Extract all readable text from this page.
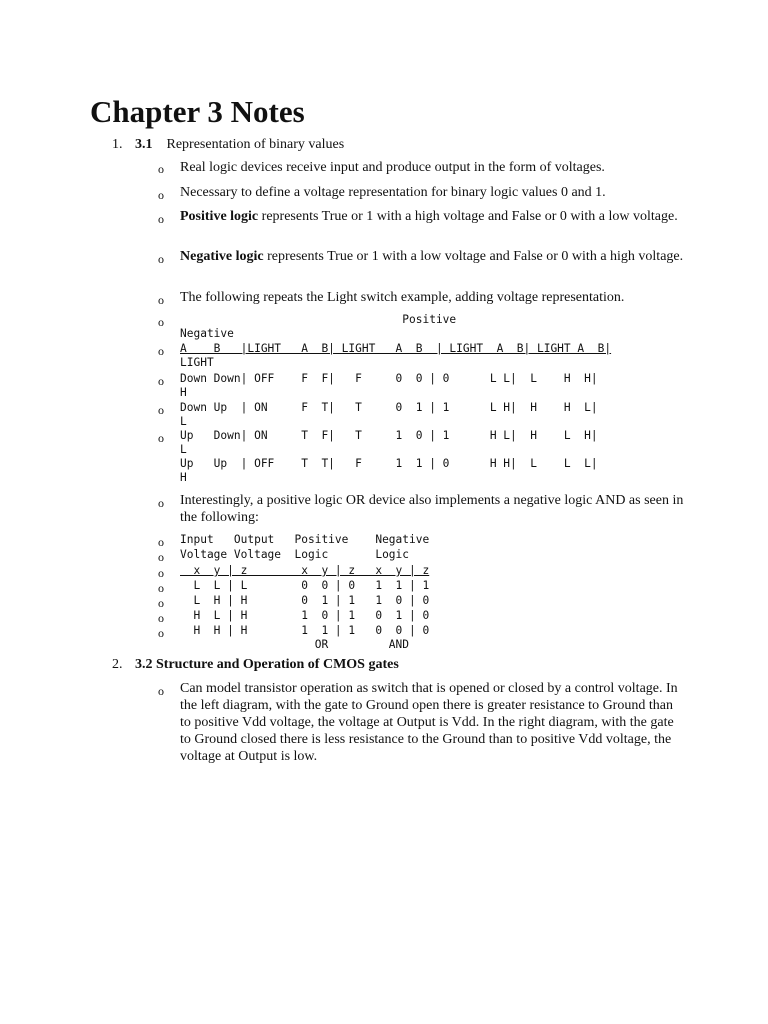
Chapter 3 Notes
1. 3.1 Representation of binary values
o Real logic devices receive input and produce output in the form of voltages.

o Necessary to define a voltage representation for binary logic values 0 and 1.

o Positive logic represents True or 1 with a high voltage and False or 0 with a low voltage.

o Negative logic represents True or 1 with a low voltage and False or 0 with a high voltage.

o The following repeats the Light switch example, adding voltage representation.

o Positive
Negative
o A    B   |LIGHT   A  B| LIGHT   A  B  | LIGHT  A  B| LIGHT A  B|
LIGHT
o Down Down| OFF    F  F|   F     0  0 | 0      L L|  L    H  H|
H
o Down Up  | ON     F  T|   T     0  1 | 1      L H|  H    H  L|
L
o Up   Down| ON     T  F|   T     1  0 | 1      H L|  H    L  H|
L
Up   Up  | OFF    T  T|   F     1  1 | 0      H H|  L    L  L|
H
o Interestingly, a positive logic OR device also implements a negative logic AND as seen in the following:

o Input   Output   Positive    Negative
o Voltage Voltage  Logic       Logic
o x  y | z        x  y | z   x  y | z
o L  L | L        0  0 | 0   1  1 | 1
o L  H | H        0  1 | 1   1  0 | 0
o H  L | H        1  0 | 1   0  1 | 0
o H  H | H        1  1 | 1   0  0 | 0
OR         AND
2. 3.2 Structure and Operation of CMOS gates
o Can model transistor operation as switch that is opened or closed by a control voltage. In the left diagram, with the gate to Ground open there is greater resistance to Ground than to positive Vdd voltage, the voltage at Output is Vdd. In the right diagram, with the gate to Ground closed there is less resistance to the Ground than to positive Vdd voltage, the voltage at Output is low.
